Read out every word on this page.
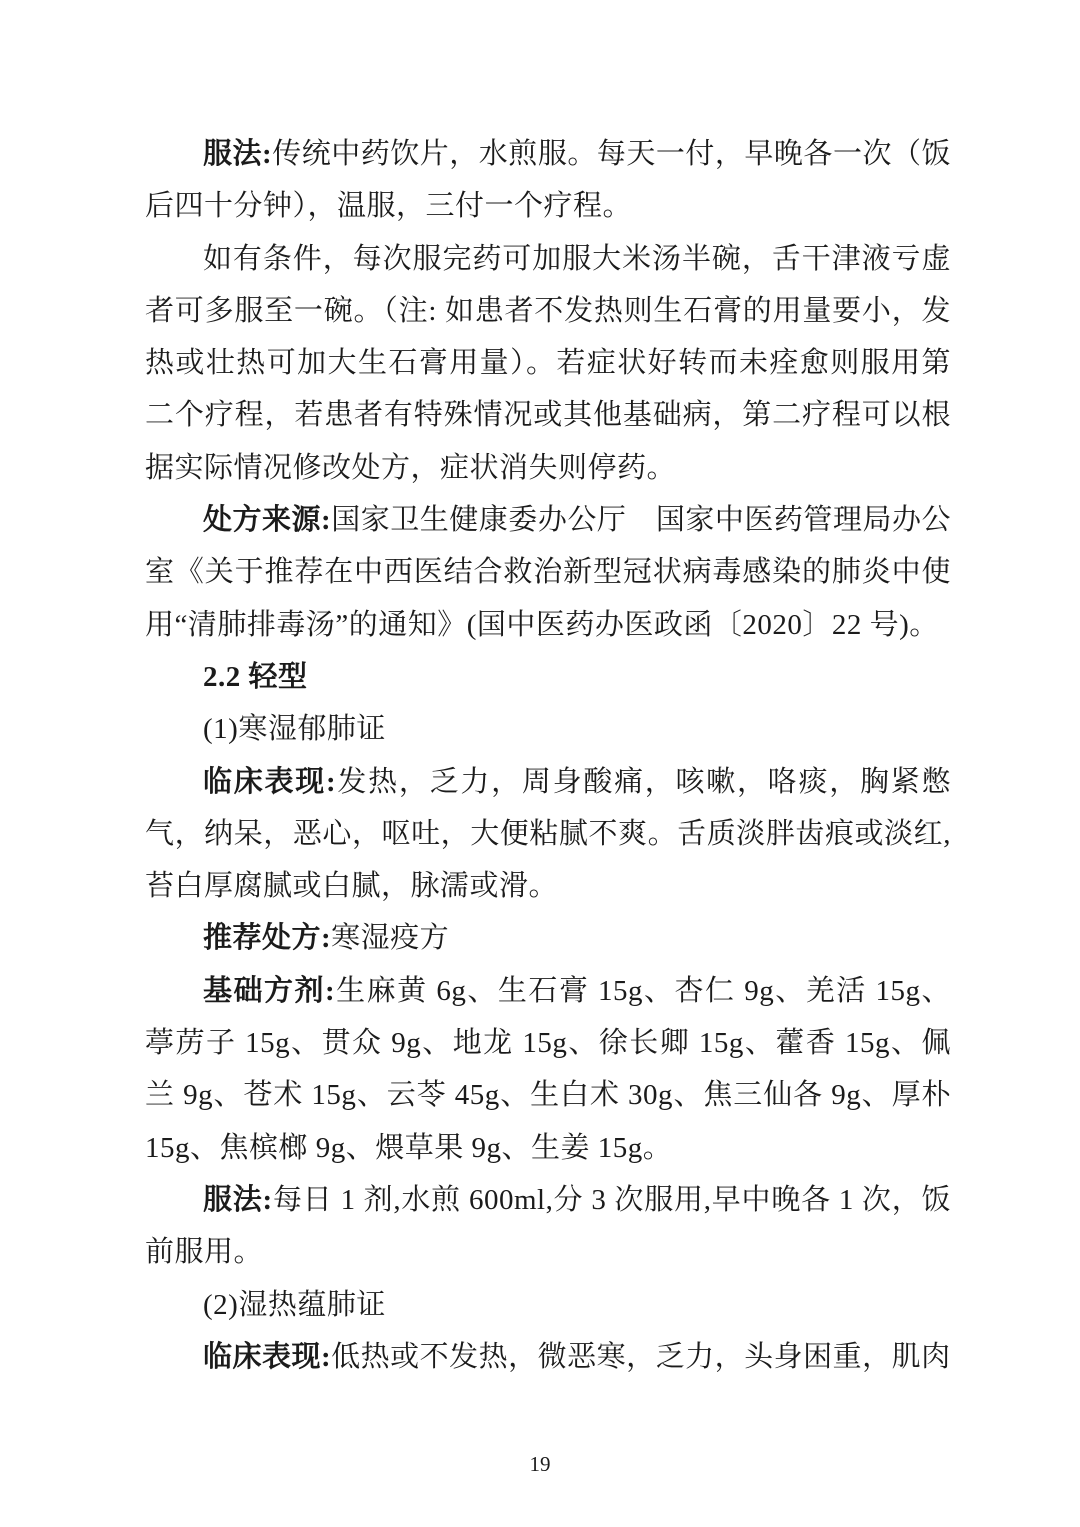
服法:传统中药饮片，水煎服。每天一付，早晚各一次（饭后四十分钟），温服，三付一个疗程。

如有条件，每次服完药可加服大米汤半碗，舌干津液亏虚者可多服至一碗。（注: 如患者不发热则生石膏的用量要小，发热或壮热可加大生石膏用量）。若症状好转而未痊愈则服用第二个疗程，若患者有特殊情况或其他基础病，第二疗程可以根据实际情况修改处方，症状消失则停药。

处方来源:国家卫生健康委办公厅　国家中医药管理局办公室《关于推荐在中西医结合救治新型冠状病毒感染的肺炎中使用“清肺排毒汤”的通知》(国中医药办医政函〔2020〕22 号)。

2.2 轻型

(1)寒湿郁肺证

临床表现:发热，乏力，周身酸痛，咳嗽，咯痰，胸紧憋气，纳呆，恶心，呕吐，大便粘腻不爽。舌质淡胖齿痕或淡红,苔白厚腐腻或白腻，脉濡或滑。

推荐处方:寒湿疫方

基础方剂:生麻黄 6g、生石膏 15g、杏仁 9g、羌活 15g、葶苈子 15g、贯众 9g、地龙 15g、徐长卿 15g、藿香 15g、佩兰 9g、苍术 15g、云苓 45g、生白术 30g、焦三仙各 9g、厚朴 15g、焦槟榔 9g、煨草果 9g、生姜 15g。

服法:每日 1 剂,水煎 600ml,分 3 次服用,早中晚各 1 次，饭前服用。

(2)湿热蕴肺证

临床表现:低热或不发热，微恶寒，乏力，头身困重，肌肉

19
